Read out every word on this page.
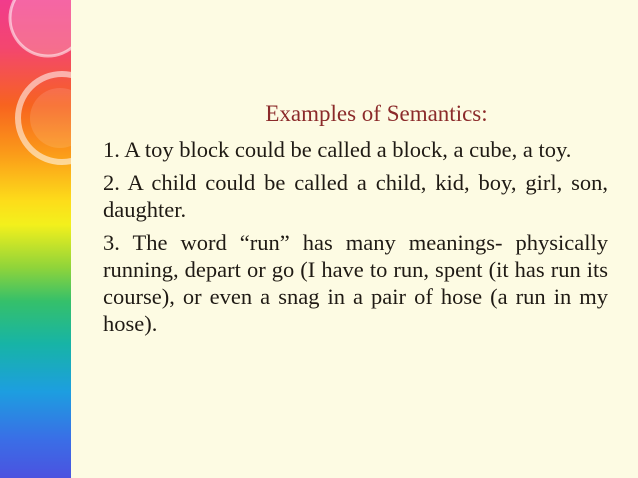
Examples of Semantics:
1. A toy block could be called a block, a cube, a toy.
2. A child could be called a child, kid, boy, girl, son, daughter.
3. The word “run” has many meanings- physically running, depart or go (I have to run, spent (it has run its course), or even a snag in a pair of hose (a run in my hose).
